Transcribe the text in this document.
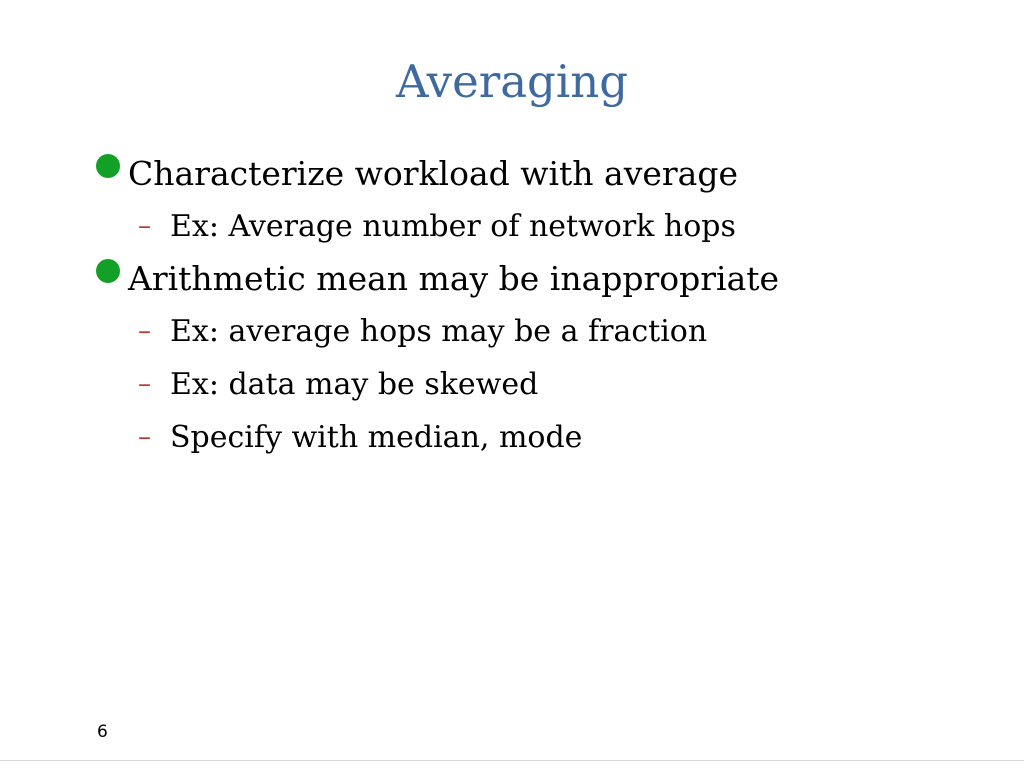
Averaging
Characterize workload with average
– Ex: Average number of network hops
Arithmetic mean may be inappropriate
– Ex: average hops may be a fraction
– Ex: data may be skewed
– Specify with median, mode
6
